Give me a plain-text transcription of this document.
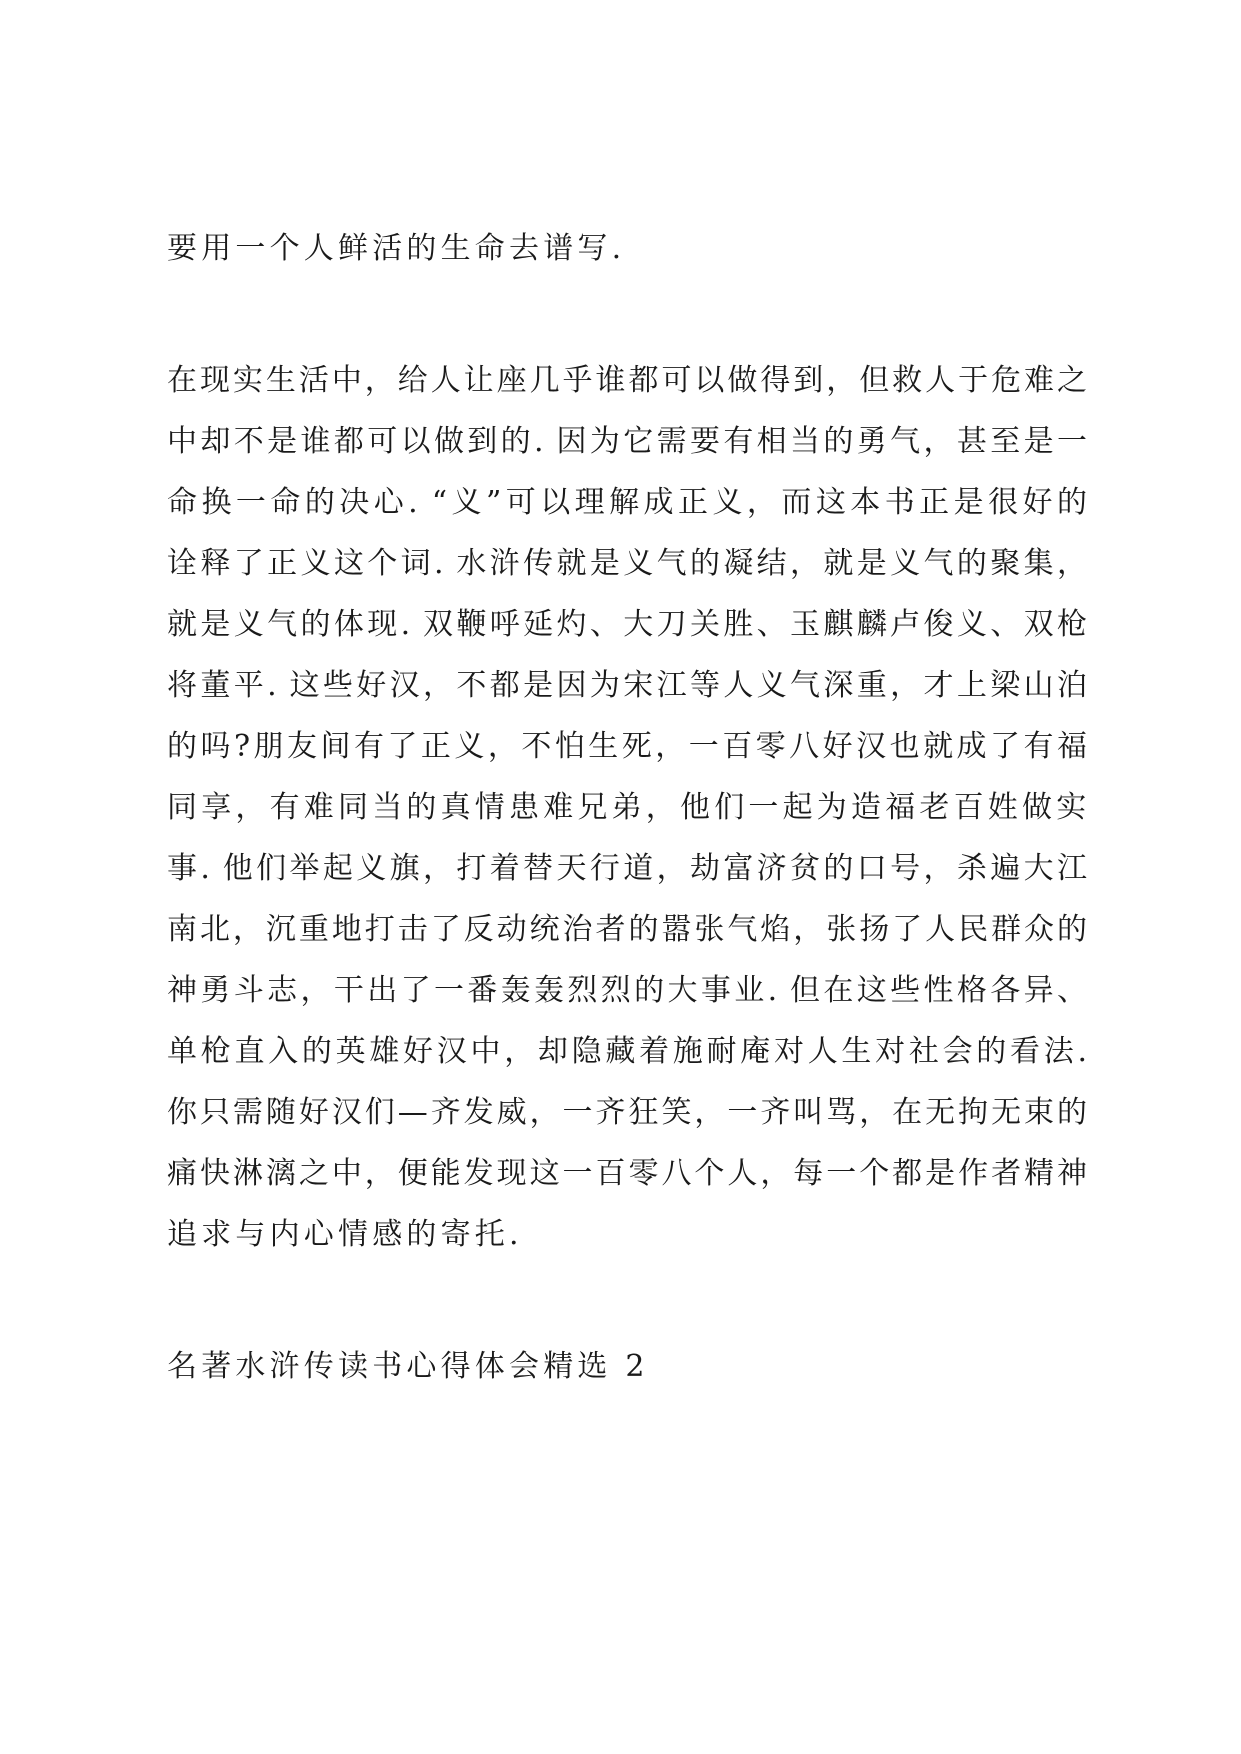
要用一个人鲜活的生命去谱写.
在现实生活中，给人让座几乎谁都可以做得到，但救人于危难之
中却不是谁都可以做到的. 因为它需要有相当的勇气，甚至是一
命换一命的决心. “义”可以理解成正义，而这本书正是很好的
诠释了正义这个词. 水浒传就是义气的凝结，就是义气的聚集，
就是义气的体现. 双鞭呼延灼、大刀关胜、玉麒麟卢俊义、双枪
将董平. 这些好汉，不都是因为宋江等人义气深重，才上梁山泊
的吗?朋友间有了正义，不怕生死，一百零八好汉也就成了有福
同享，有难同当的真情患难兄弟，他们一起为造福老百姓做实
事. 他们举起义旗，打着替天行道，劫富济贫的口号，杀遍大江
南北，沉重地打击了反动统治者的嚣张气焰，张扬了人民群众的
神勇斗志，干出了一番轰轰烈烈的大事业. 但在这些性格各异、
单枪直入的英雄好汉中，却隐藏着施耐庵对人生对社会的看法.
你只需随好汉们—齐发威，一齐狂笑，一齐叫骂，在无拘无束的
痛快淋漓之中，便能发现这一百零八个人，每一个都是作者精神
追求与内心情感的寄托.
名著水浒传读书心得体会精选 2
